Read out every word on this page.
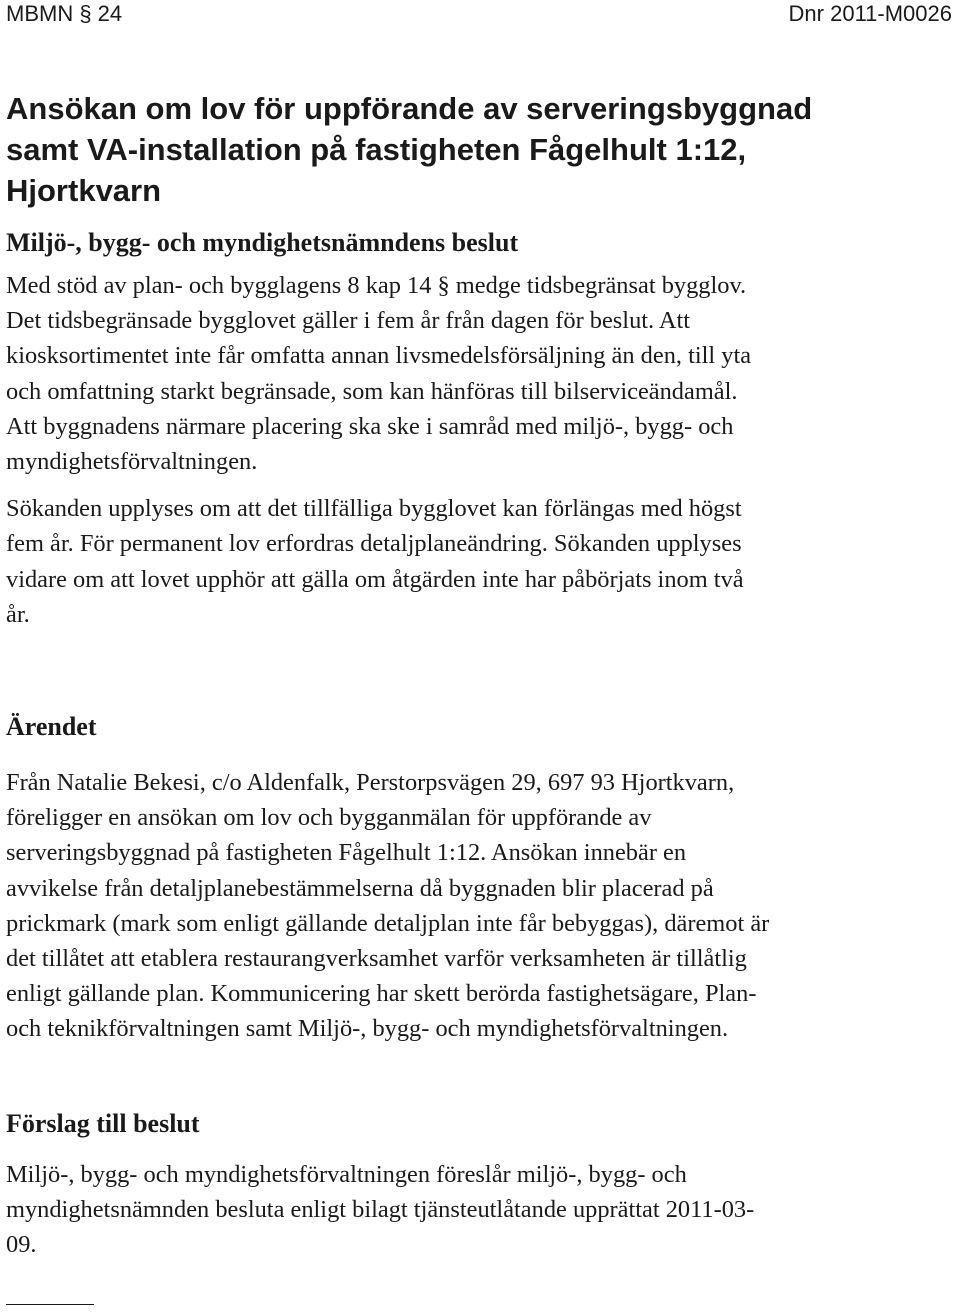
MBMN § 24	Dnr 2011-M0026
Ansökan om lov för uppförande av serveringsbyggnad
samt VA-installation på fastigheten Fågelhult 1:12,
Hjortkvarn
Miljö-, bygg- och myndighetsnämndens beslut

Med stöd av plan- och bygglagens 8 kap 14 § medge tidsbegränsat bygglov.
Det tidsbegränsade bygglovet gäller i fem år från dagen för beslut. Att
kiosksortimentet inte får omfatta annan livsmedelsförsäljning än den, till yta
och omfattning starkt begränsade, som kan hänföras till bilserviceändamål.
Att byggnadens närmare placering ska ske i samråd med miljö-, bygg- och
myndighetsförvaltningen.

Sökanden upplyses om att det tillfälliga bygglovet kan förlängas med högst
fem år. För permanent lov erfordras detaljplaneändring. Sökanden upplyses
vidare om att lovet upphör att gälla om åtgärden inte har påbörjats inom två
år.

Ärendet

Från Natalie Bekesi, c/o Aldenfalk, Perstorpsvägen 29, 697 93 Hjortkvarn,
föreligger en ansökan om lov och bygganmälan för uppförande av
serveringsbyggnad på fastigheten Fågelhult 1:12. Ansökan innebär en
avvikelse från detaljplanebestämmelserna då byggnaden blir placerad på
prickmark (mark som enligt gällande detaljplan inte får bebyggas), däremot är
det tillåtet att etablera restaurangverksamhet varför verksamheten är tillåtlig
enligt gällande plan. Kommunicering har skett berörda fastighetsägare, Plan-
och teknikförvaltningen samt Miljö-, bygg- och myndighetsförvaltningen.

Förslag till beslut

Miljö-, bygg- och myndighetsförvaltningen föreslår miljö-, bygg- och
myndighetsnämnden besluta enligt bilagt tjänsteutlåtande upprättat 2011-03-
09.
